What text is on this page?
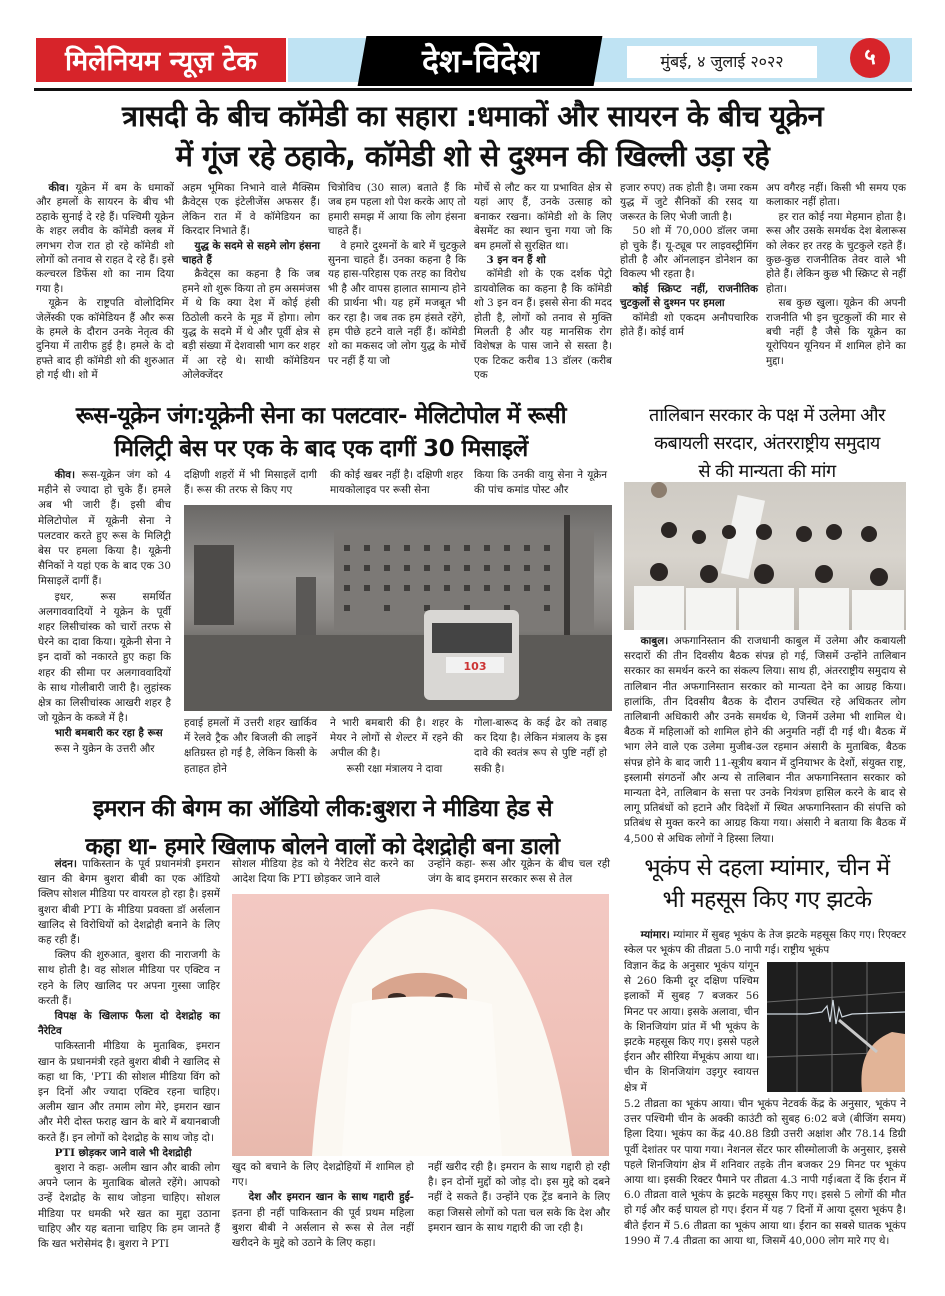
मिलेनियम न्यूज़ टेक	देश-विदेश	मुंबई, ४ जुलाई २०२२	५
त्रासदी के बीच कॉमेडी का सहारा :धमाकों और सायरन के बीच यूक्रेन
में गूंज रहे ठहाके, कॉमेडी शो से दुश्मन की खिल्ली उड़ा रहे

कीव। यूक्रेन में बम के धमाकों और हमलों के सायरन के बीच भी ठहाके सुनाई दे रहे हैं। पश्चिमी यूक्रेन के शहर लवीव के कॉमेडी क्लब में लगभग रोज रात हो रहे कॉमेडी शो लोगों को तनाव से राहत दे रहे हैं। इसे कल्चरल डिफेंस शो का नाम दिया गया है।

यूक्रेन के राष्ट्रपति वोलोदिमिर जेलेंस्की एक कॉमेडियन हैं और रूस के हमले के दौरान उनके नेतृत्व की दुनिया में तारीफ हुई है। हमले के दो हफ्ते बाद ही कॉमेडी शो की शुरुआत हो गई थी। शो में

अहम भूमिका निभाने वाले मैक्सिम क्रैवेट्स एक इंटेलीजेंस अफसर हैं। लेकिन रात में वे कॉमेडियन का किरदार निभाते हैं।

युद्ध के सदमे से सहमे लोग हंसना चाहते हैं

क्रैवेट्स का कहना है कि जब हमने शो शुरू किया तो हम असमंजस में थे कि क्या देश में कोई हंसी ठिठोली करने के मूड में होगा। लोग युद्ध के सदमे में थे और पूर्वी क्षेत्र से बड़ी संख्या में देशवासी भाग कर शहर में आ रहे थे। साथी कॉमेडियन ओलेक्जेंदर

चित्रोविच (30 साल) बताते हैं कि जब हम पहला शो पेश करके आए तो हमारी समझ में आया कि लोग हंसना चाहते हैं।

वे हमारे दुश्मनों के बारे में चुटकुले सुनना चाहते हैं। उनका कहना है कि यह हास-परिहास एक तरह का विरोध भी है और वापस हालात सामान्य होने की प्रार्थना भी। यह हमें मजबूत भी कर रहा है। जब तक हम हंसते रहेंगे, हम पीछे हटने वाले नहीं हैं। कॉमेडी शो का मकसद जो लोग युद्ध के मोर्चे पर नहीं हैं या जो

मोर्चे से लौट कर या प्रभावित क्षेत्र से यहां आए हैं, उनके उत्साह को बनाकर रखना। कॉमेडी शो के लिए बेसमेंट का स्थान चुना गया जो कि बम हमलों से सुरक्षित था।

3 इन वन हैं शो

कॉमेडी शो के एक दर्शक पेट्रो डायवोलिक का कहना है कि कॉमेडी शो 3 इन वन हैं। इससे सेना की मदद होती है, लोगों को तनाव से मुक्ति मिलती है और यह मानसिक रोग विशेषज्ञ के पास जाने से सस्ता है। एक टिकट करीब 13 डॉलर (करीब एक

हजार रुपए) तक होती है। जमा रकम युद्ध में जुटे सैनिकों की रसद या जरूरत के लिए भेजी जाती है।

50 शो में 70,000 डॉलर जमा हो चुके हैं। यू-ट्यूब पर लाइवस्ट्रीमिंग होती है और ऑनलाइन डोनेशन का विकल्प भी रहता है।

कोई स्क्रिप्ट नहीं, राजनीतिक चुटकुलों से दुश्मन पर हमला

कॉमेडी शो एकदम अनौपचारिक होते हैं। कोई वार्म

अप वगैरह नहीं। किसी भी समय एक कलाकार नहीं होता।

हर रात कोई नया मेहमान होता है। रूस और उसके समर्थक देश बेलारूस को लेकर हर तरह के चुटकुले रहते हैं। कुछ-कुछ राजनीतिक तेवर वाले भी होते हैं। लेकिन कुछ भी स्क्रिप्ट से नहीं होता।

सब कुछ खुला। यूक्रेन की अपनी राजनीति भी इन चुटकुलों की मार से बची नहीं है जैसे कि यूक्रेन का यूरोपियन यूनियन में शामिल होने का मुद्दा।

रूस-यूक्रेन जंग:यूक्रेनी सेना का पलटवार- मेलिटोपोल में रूसी
मिलिट्री बेस पर एक के बाद एक दागीं 30 मिसाइलें

कीव। रूस-यूक्रेन जंग को 4 महीने से ज्यादा हो चुके हैं। हमले अब भी जारी हैं। इसी बीच मेलिटोपोल में यूक्रेनी सेना ने पलटवार करते हुए रूस के मिलिट्री बेस पर हमला किया है। यूक्रेनी सैनिकों ने यहां एक के बाद एक 30 मिसाइलें दागीं हैं।

इधर, रूस समर्थित अलगाववादियों ने यूक्रेन के पूर्वी शहर लिसीचांस्क को चारों तरफ से घेरने का दावा किया। यूक्रेनी सेना ने इन दावों को नकारते हुए कहा कि शहर की सीमा पर अलगाववादियों के साथ गोलीबारी जारी है। लुहांस्क क्षेत्र का लिसीचांस्क आखरी शहर है जो यूक्रेन के कब्जे में है।

भारी बमबारी कर रहा है रूस

रूस ने युक्रेन के उत्तरी और

दक्षिणी शहरों में भी मिसाइलें दागी हैं। रूस की तरफ से किए गए
की कोई खबर नहीं है। दक्षिणी शहर मायकोलाइव पर रूसी सेना
किया कि उनकी वायु सेना ने यूक्रेन की पांच कमांड पोस्ट और
103
हवाई हमलों में उत्तरी शहर खार्किव में रेलवे ट्रैक और बिजली की लाइनें क्षतिग्रस्त हो गई है, लेकिन किसी के हताहत होने

ने भारी बमबारी की है। शहर के मेयर ने लोगों से शेल्टर में रहने की अपील की है।

रूसी रक्षा मंत्रालय ने दावा

गोला-बारूद के कई ढेर को तबाह कर दिया है। लेकिन मंत्रालय के इस दावे की स्वतंत्र रूप से पुष्टि नहीं हो सकी है।
तालिबान सरकार के पक्ष में उलेमा और
कबायली सरदार, अंतरराष्ट्रीय समुदाय
से की मान्यता की मांग

काबुल। अफगानिस्तान की राजधानी काबुल में उलेमा और कबायली सरदारों की तीन दिवसीय बैठक संपन्न हो गई, जिसमें उन्होंने तालिबान सरकार का समर्थन करने का संकल्प लिया। साथ ही, अंतरराष्ट्रीय समुदाय से तालिबान नीत अफगानिस्तान सरकार को मान्यता देने का आग्रह किया। हालांकि, तीन दिवसीय बैठक के दौरान उपस्थित रहे अधिकतर लोग तालिबानी अधिकारी और उनके समर्थक थे, जिनमें उलेमा भी शामिल थे। बैठक में महिलाओं को शामिल होने की अनुमति नहीं दी गई थी। बैठक में भाग लेने वाले एक उलेमा मुजीब-उल रहमान अंसारी के मुताबिक, बैठक संपन्न होने के बाद जारी 11-सूत्रीय बयान में दुनियाभर के देशों, संयुक्त राष्ट्र, इस्लामी संगठनों और अन्य से तालिबान नीत अफगानिस्तान सरकार को मान्यता देने, तालिबान के सत्ता पर उनके नियंत्रण हासिल करने के बाद से लागू प्रतिबंधों को हटाने और विदेशों में स्थित अफगानिस्तान की संपत्ति को प्रतिबंध से मुक्त करने का आग्रह किया गया। अंसारी ने बताया कि बैठक में 4,500 से अधिक लोगों ने हिस्सा लिया।

इमरान की बेगम का ऑडियो लीक:बुशरा ने मीडिया हेड से
कहा था- हमारे खिलाफ बोलने वालों को देशद्रोही बना डालो

लंदन। पाकिस्तान के पूर्व प्रधानमंत्री इमरान खान की बेगम बुशरा बीबी का एक ऑडियो क्लिप सोशल मीडिया पर वायरल हो रहा है। इसमें बुशरा बीबी PTI के मीडिया प्रवक्ता डॉ अर्सलान खालिद से विरोधियों को देशद्रोही बनाने के लिए कह रही हैं।

क्लिप की शुरुआत, बुशरा की नाराजगी के साथ होती है। वह सोशल मीडिया पर एक्टिव न रहने के लिए खालिद पर अपना गुस्सा जाहिर करती हैं।

विपक्ष के खिलाफ फैला दो देशद्रोह का नैरेटिव

पाकिस्तानी मीडिया के मुताबिक, इमरान खान के प्रधानमंत्री रहते बुशरा बीबी ने खालिद से कहा था कि, 'PTI की सोशल मीडिया विंग को इन दिनों और ज्यादा एक्टिव रहना चाहिए। अलीम खान और तमाम लोग मेरे, इमरान खान और मेरी दोस्त फराह खान के बारे में बयानबाजी करते हैं। इन लोगों को देशद्रोह के साथ जोड़ दो।

PTI छोड़कर जाने वाले भी देशद्रोही

बुशरा ने कहा- अलीम खान और बाकी लोग अपने प्लान के मुताबिक बोलते रहेंगे। आपको उन्हें देशद्रोह के साथ जोड़ना चाहिए। सोशल मीडिया पर धमकी भरे खत का मुद्दा उठाना चाहिए और यह बताना चाहिए कि हम जानते हैं कि खत भरोसेमंद है। बुशरा ने PTI

सोशल मीडिया हेड को ये नैरेटिव सेट करने का आदेश दिया कि PTI छोड़कर जाने वाले
उन्होंने कहा- रूस और यूक्रेन के बीच चल रही जंग के बाद इमरान सरकार रूस से तेल

खुद को बचाने के लिए देशद्रोहियों में शामिल हो गए।

देश और इमरान खान के साथ गद्दारी हुई- इतना ही नहीं पाकिस्तान की पूर्व प्रथम महिला बुशरा बीबी ने अर्सलान से रूस से तेल नहीं खरीदने के मुद्दे को उठाने के लिए कहा।

नहीं खरीद रही है। इमरान के साथ गद्दारी हो रही है। इन दोनों मुद्दों को जोड़ दो। इस मुद्दे को दबने नहीं दे सकते हैं। उन्होंने एक ट्रेंड बनाने के लिए कहा जिससे लोगों को पता चल सके कि देश और इमरान खान के साथ गद्दारी की जा रही है।
भूकंप से दहला म्यांमार, चीन में
भी महसूस किए गए झटके

म्यांमार। म्यांमार में सुबह भूकंप के तेज झटके महसूस किए गए। रिएक्टर स्केल पर भूकंप की तीव्रता 5.0 नापी गई। राष्ट्रीय भूकंप

विज्ञान केंद्र के अनुसार भूकंप यांगून से 260 किमी दूर दक्षिण पश्चिम इलाकों में सुबह 7 बजकर 56 मिनट पर आया। इसके अलावा, चीन के शिनजियांग प्रांत में भी भूकंप के झटके महसूस किए गए। इससे पहले ईरान और सीरिया मेंभूकंप आया था। चीन के शिनजियांग उइगुर स्वायत्त क्षेत्र में
5.2 तीव्रता का भूकंप आया। चीन भूकंप नेटवर्क केंद्र के अनुसार, भूकंप ने उत्तर पश्चिमी चीन के अक्की काउंटी को सुबह 6:02 बजे (बीजिंग समय) हिला दिया। भूकंप का केंद्र 40.88 डिग्री उत्तरी अक्षांश और 78.14 डिग्री पूर्वी देशांतर पर पाया गया। नेशनल सेंटर फार सीस्मोलाजी के अनुसार, इससे पहले शिनजियांग क्षेत्र में शनिवार तड़के तीन बजकर 29 मिनट पर भूकंप आया था। इसकी रिक्टर पैमाने पर तीव्रता 4.3 नापी गई।बता दें कि ईरान में 6.0 तीव्रता वाले भूकंप के झटके महसूस किए गए। इससे 5 लोगों की मौत हो गई और कई घायल हो गए। ईरान में यह 7 दिनों में आया दूसरा भूकंप है। बीते ईरान में 5.6 तीव्रता का भूकंप आया था। ईरान का सबसे घातक भूकंप 1990 में 7.4 तीव्रता का आया था, जिसमें 40,000 लोग मारे गए थे।
